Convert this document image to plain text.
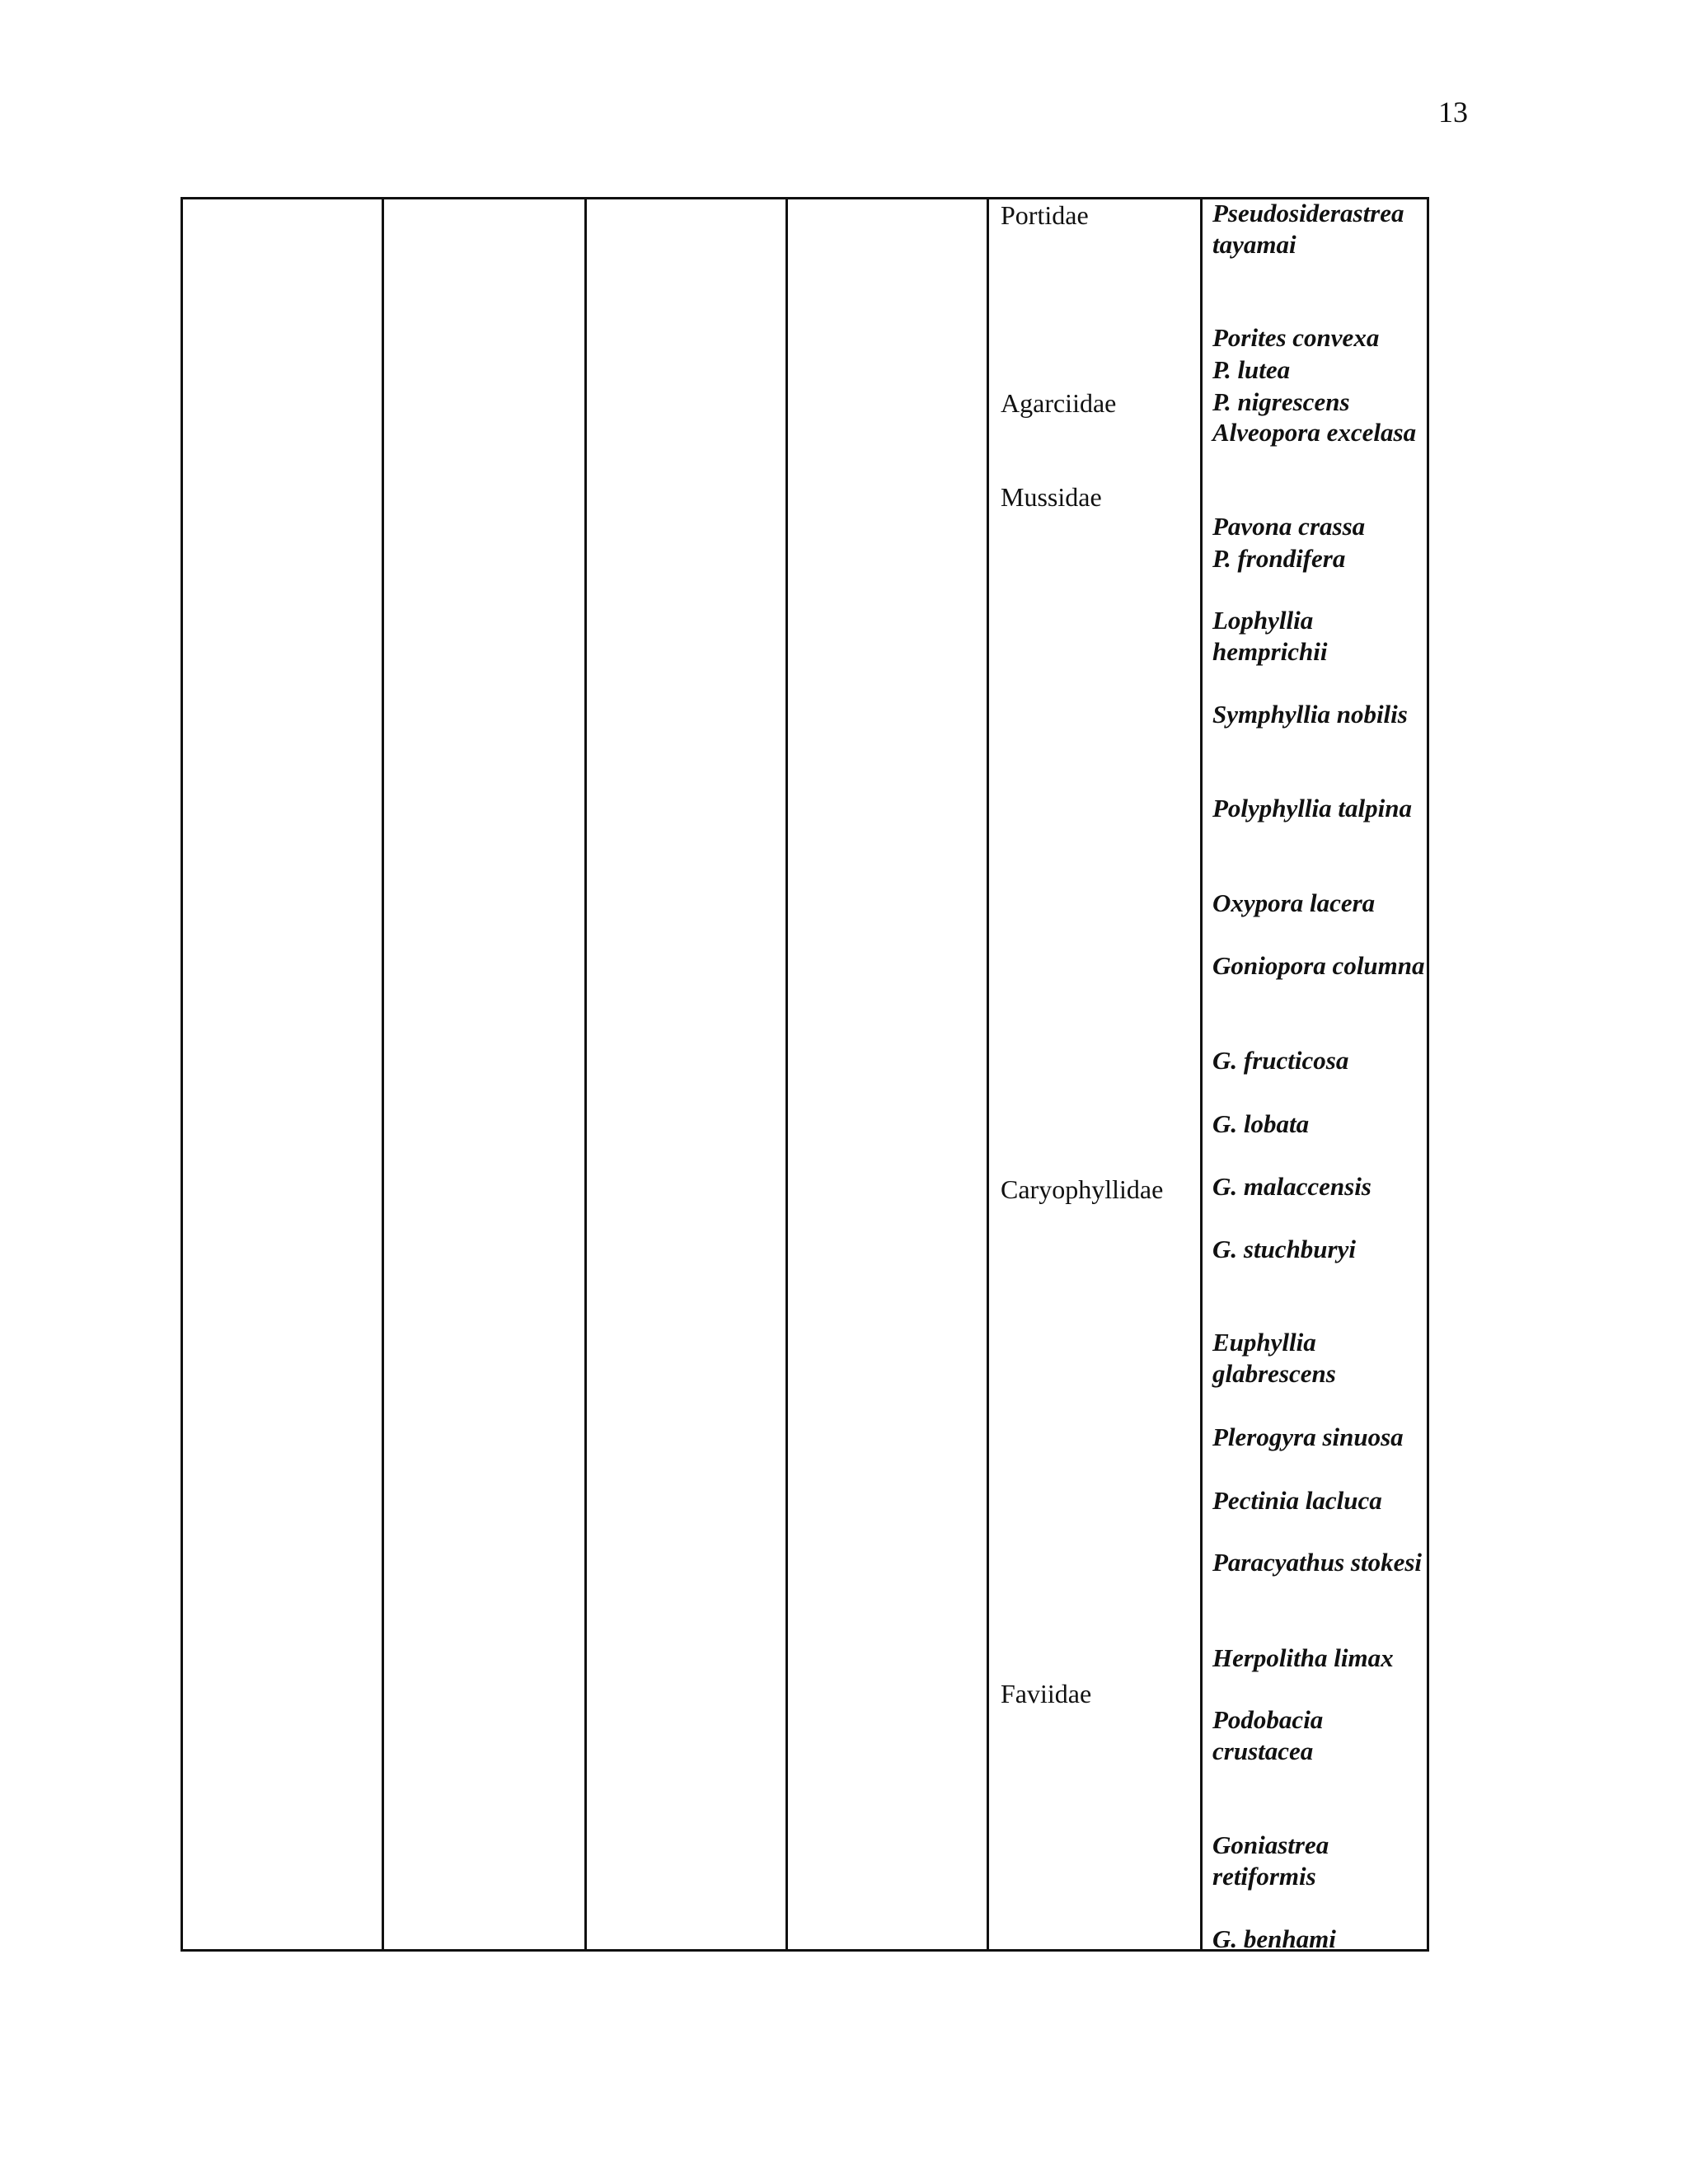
13
Portidae
Agarciidae
Mussidae
Caryophyllidae
Faviidae
Pseudosiderastrea tayamai
Porites convexa
P. lutea
P. nigrescens
Alveopora excelasa
Pavona crassa
P. frondifera
Lophyllia hemprichii
Symphyllia nobilis
Polyphyllia talpina
Oxypora lacera
Goniopora columna
G. fructicosa
G. lobata
G. malaccensis
G. stuchburyi
Euphyllia glabrescens
Plerogyra sinuosa
Pectinia lacluca
Paracyathus stokesi
Herpolitha limax
Podobacia crustacea
Goniastrea retiformis
G. benhami
